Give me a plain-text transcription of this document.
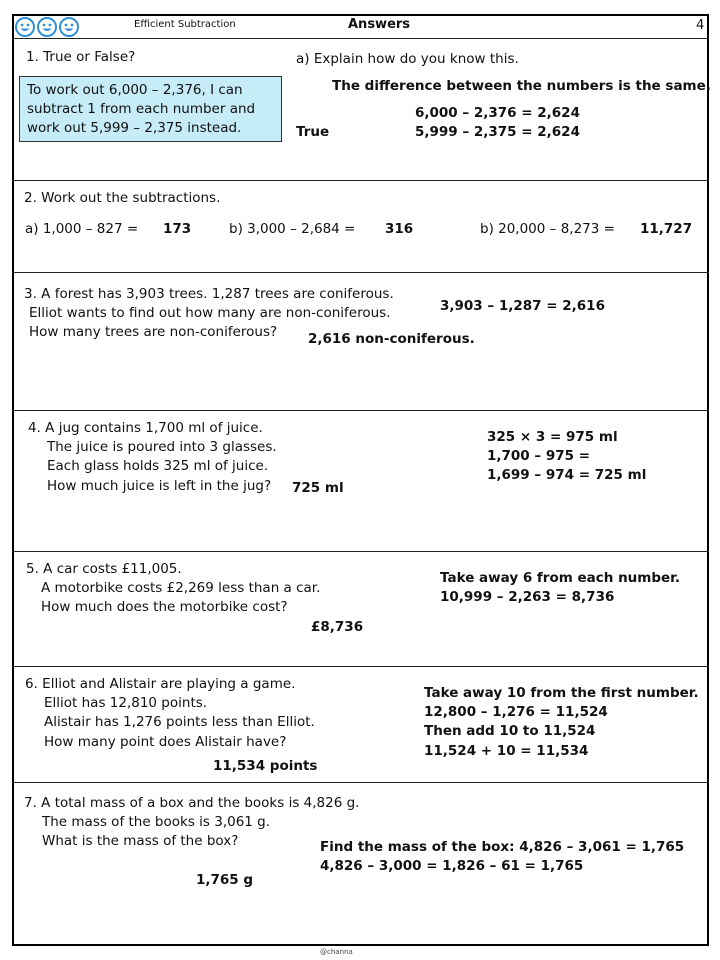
Efficient Subtraction	Answers	4
1. True or False?
To work out 6,000 – 2,376, I can
subtract 1 from each number and
work out 5,999 – 2,375 instead.	True
a) Explain how do you know this.
The difference between the numbers is the same.
6,000 – 2,376 = 2,624
5,999 – 2,375 = 2,624
2. Work out the subtractions.
a) 1,000 – 827 = 173	b) 3,000 – 2,684 = 316	b) 20,000 – 8,273 = 11,727
3. A forest has 3,903 trees. 1,287 trees are coniferous.
Elliot wants to find out how many are non-coniferous.
How many trees are non-coniferous?
3,903 – 1,287 = 2,616
2,616 non-coniferous.
4. A jug contains 1,700 ml of juice.
The juice is poured into 3 glasses.
Each glass holds 325 ml of juice.
How much juice is left in the jug? 725 ml
325 × 3 = 975 ml
1,700 – 975 =
1,699 – 974 = 725 ml
5. A car costs £11,005.
A motorbike costs £2,269 less than a car.
How much does the motorbike cost?
£8,736
Take away 6 from each number.
10,999 – 2,263 = 8,736
6. Elliot and Alistair are playing a game.
Elliot has 12,810 points.
Alistair has 1,276 points less than Elliot.
How many point does Alistair have?
11,534 points
Take away 10 from the first number.
12,800 – 1,276 = 11,524
Then add 10 to 11,524
11,524 + 10 = 11,534
7. A total mass of a box and the books is 4,826 g.
The mass of the books is 3,061 g.
What is the mass of the box?
1,765 g
Find the mass of the box: 4,826 – 3,061 = 1,765
4,826 – 3,000 = 1,826 – 61 = 1,765
@channa
